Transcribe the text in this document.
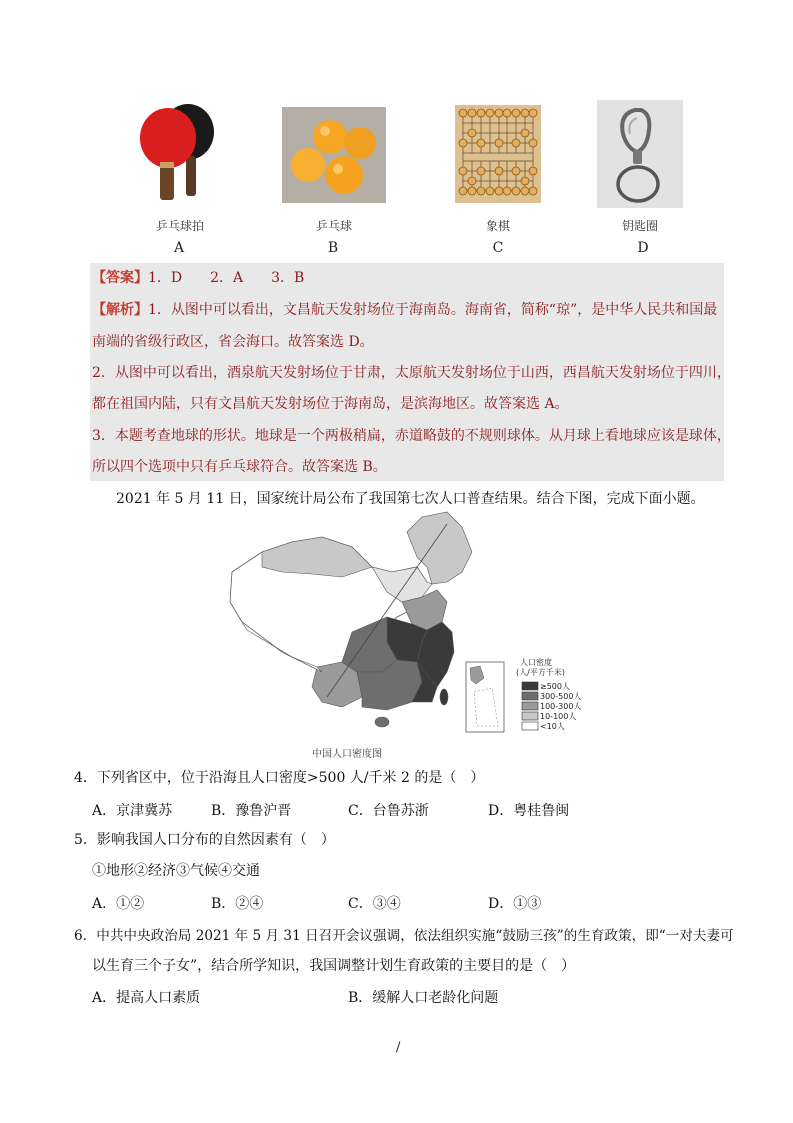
乒乓球拍	乒乓球	象棋	钥匙圈
A	B	C	D
【答案】1．D　　2．A　　3．B
【解析】1．从图中可以看出，文昌航天发射场位于海南岛。海南省，简称“琼”，是中华人民共和国最
南端的省级行政区，省会海口。故答案选 D。
2．从图中可以看出，酒泉航天发射场位于甘肃，太原航天发射场位于山西，西昌航天发射场位于四川，
都在祖国内陆，只有文昌航天发射场位于海南岛，是滨海地区。故答案选 A。
3．本题考查地球的形状。地球是一个两极稍扁，赤道略鼓的不规则球体。从月球上看地球应该是球体，
所以四个选项中只有乒乓球符合。故答案选 B。
2021 年 5 月 11 日，国家统计局公布了我国第七次人口普查结果。结合下图，完成下面小题。
人口密度
(人/平方千米)
≥500人
300-500人
100-300人
10-100人
<10人
中国人口密度图
4．下列省区中，位于沿海且人口密度>500 人/千米 2 的是（　）
A．京津冀苏	B．豫鲁沪晋	C．台鲁苏浙	D．粤桂鲁闽
5．影响我国人口分布的自然因素有（　）
①地形②经济③气候④交通
A．①②	B．②④	C．③④	D．①③
6．中共中央政治局 2021 年 5 月 31 日召开会议强调，依法组织实施“鼓励三孩”的生育政策，即“一对夫妻可
以生育三个子女”，结合所学知识，我国调整计划生育政策的主要目的是（　）
A．提高人口素质	B．缓解人口老龄化问题
/
